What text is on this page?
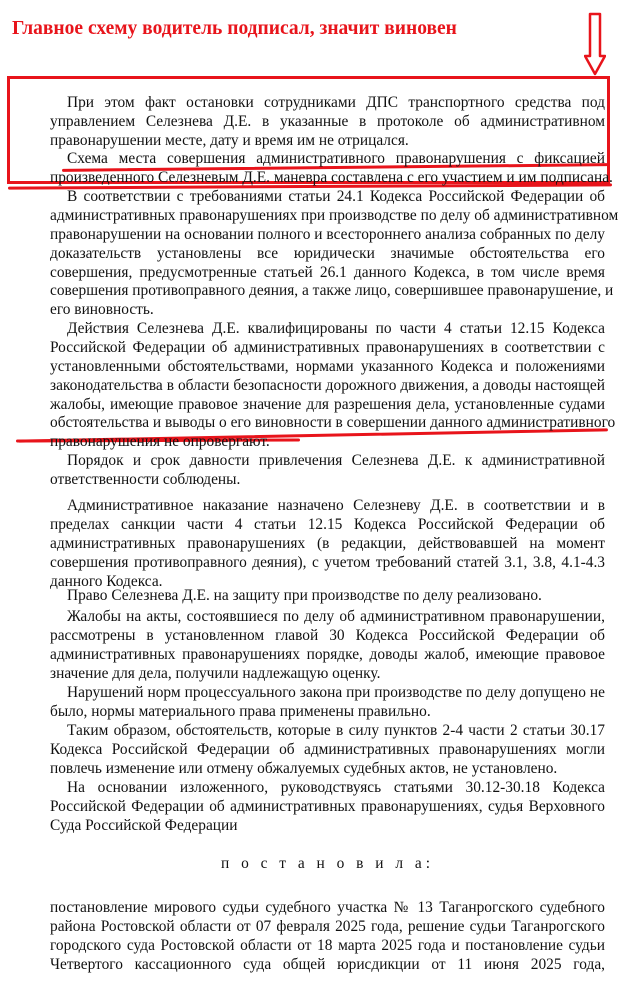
Главное схему водитель подписал, значит виновен
При этом факт остановки сотрудниками ДПС транспортного средства под
управлением Селезнева Д.Е. в указанные в протоколе об административном
правонарушении месте, дату и время им не отрицался.
Схема места совершения административного правонарушения с фиксацией
произведенного Селезневым Д.Е. маневра составлена с его участием и им подписана.
В соответствии с требованиями статьи 24.1 Кодекса Российской Федерации об
административных правонарушениях при производстве по делу об административном
правонарушении на основании полного и всестороннего анализа собранных по делу
доказательств установлены все юридически значимые обстоятельства его
совершения, предусмотренные статьей 26.1 данного Кодекса, в том числе время
совершения противоправного деяния, а также лицо, совершившее правонарушение, и
его виновность.
Действия Селезнева Д.Е. квалифицированы по части 4 статьи 12.15 Кодекса
Российской Федерации об административных правонарушениях в соответствии с
установленными обстоятельствами, нормами указанного Кодекса и положениями
законодательства в области безопасности дорожного движения, а доводы настоящей
жалобы, имеющие правовое значение для разрешения дела, установленные судами
обстоятельства и выводы о его виновности в совершении данного административного
правонарушения не опровергают.
Порядок и срок давности привлечения Селезнева Д.Е. к административной
ответственности соблюдены.
Административное наказание назначено Селезневу Д.Е. в соответствии и в
пределах санкции части 4 статьи 12.15 Кодекса Российской Федерации об
административных правонарушениях (в редакции, действовавшей на момент
совершения противоправного деяния), с учетом требований статей 3.1, 3.8, 4.1-4.3
данного Кодекса.
Право Селезнева Д.Е. на защиту при производстве по делу реализовано.
Жалобы на акты, состоявшиеся по делу об административном правонарушении,
рассмотрены в установленном главой 30 Кодекса Российской Федерации об
административных правонарушениях порядке, доводы жалоб, имеющие правовое
значение для дела, получили надлежащую оценку.
Нарушений норм процессуального закона при производстве по делу допущено не
было, нормы материального права применены правильно.
Таким образом, обстоятельств, которые в силу пунктов 2-4 части 2 статьи 30.17
Кодекса Российской Федерации об административных правонарушениях могли
повлечь изменение или отмену обжалуемых судебных актов, не установлено.
На основании изложенного, руководствуясь статьями 30.12-30.18 Кодекса
Российской Федерации об административных правонарушениях, судья Верховного
Суда Российской Федерации
п о с т а н о в и л а:
постановление мирового судьи судебного участка № 13 Таганрогского судебного
района Ростовской области от 07 февраля 2025 года, решение судьи Таганрогского
городского суда Ростовской области от 18 марта 2025 года и постановление судьи
Четвертого кассационного суда общей юрисдикции от 11 июня 2025 года,
